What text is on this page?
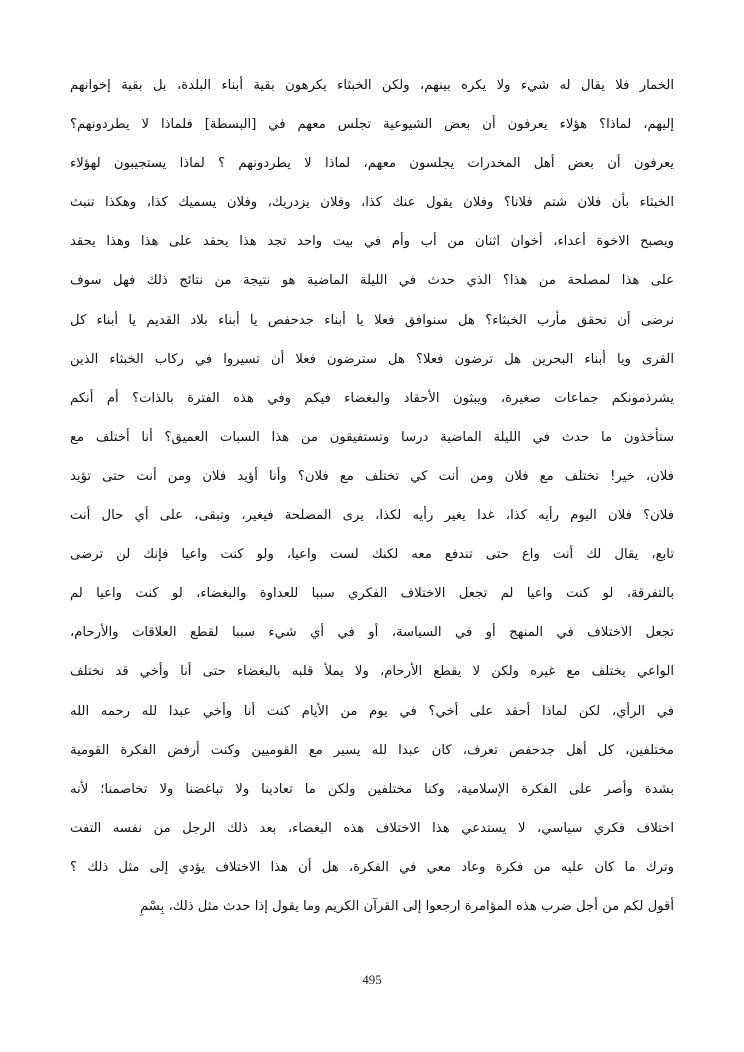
الخمار فلا يقال له شيء ولا يكره بينهم، ولكن الخبثاء يكرهون بقية أبناء البلدة، بل بقية إخوانهم
إليهم، لماذا؟ هؤلاء يعرفون أن بعض الشيوعية تجلس معهم في [البسطة] فلماذا لا يطردونهم؟
يعرفون أن بعض أهل المخدرات يجلسون معهم، لماذا لا يطردونهم ؟ لماذا يستجيبون لهؤلاء
الخبثاء بأن فلان شتم فلانا؟ وفلان يقول عنك كذا، وفلان يزدريك، وفلان يسميك كذا، وهكذا تنبث
ويصبح الاخوة أعداء، أخوان اثنان من أب وأم في بيت واحد تجد هذا يحقد على هذا وهذا يحقد
على هذا لمصلحة من هذا؟ الذي حدث في الليلة الماضية هو نتيجة من نتائج ذلك فهل سوف
نرضى أن نحقق مأرب الخبثاء؟ هل سنوافق فعلا يا أبناء جدحفص يا أبناء بلاد القديم يا أبناء كل
القرى ويا أبناء البحرين هل ترضون فعلا؟ هل سترضون فعلا أن تسيروا في ركاب الخبثاء الذين
يشرذمونكم جماعات صغيرة، ويبثون الأحقاد والبغضاء فيكم وفي هذه الفترة بالذات؟ أم أنكم
ستأخذون ما حدث في الليلة الماضية درسا وتستفيقون من هذا السبات العميق؟ أنا أختلف مع
فلان، خير! تختلف مع فلان ومن أنت كي تختلف مع فلان؟ وأنا أؤيد فلان ومن أنت حتى تؤيد
فلان؟ فلان اليوم رأيه كذا، غدا يغير رأيه لكذا، يرى المصلحة فيغير، وتبقى، على أي حال أنت
تابع، يقال لك أنت واع حتى تندفع معه لكنك لست واعيا، ولو كنت واعيا فإنك لن ترضى
بالتفرقة، لو كنت واعيا لم تجعل الاختلاف الفكري سببا للعداوة والبغضاء، لو كنت واعيا لم
تجعل الاختلاف في المنهج أو في السياسة، أو في أي شيء سببا لقطع العلاقات والأرحام،
الواعي يختلف مع غيره ولكن لا يقطع الأرحام، ولا يملأ قلبه بالبغضاء حتى أنا وأخي قد نختلف
في الرأي، لكن لماذا أحقد على أخي؟ في يوم من الأيام كنت أنا وأخي عبدا لله رحمه الله
مختلفين، كل أهل جدحفص تعرف، كان عبدا لله يسير مع القوميين وكنت أرفض الفكرة القومية
بشدة وأصر على الفكرة الإسلامية، وكنا مختلفين ولكن ما تعادينا ولا تباغضنا ولا تخاصمنا؛ لأنه
اختلاف فكري سياسي، لا يستدعي هذا الاختلاف هذه البغضاء، بعد ذلك الرجل من نفسه التفت
وترك ما كان عليه من فكرة وعاد معي في الفكرة، هل أن هذا الاختلاف يؤدي إلى مثل ذلك ؟
أقول لكم من أجل ضرب هذه المؤامرة ارجعوا إلى القرآن الكريم وما يقول إذا حدث مثل ذلك، بِسْمِ
495
